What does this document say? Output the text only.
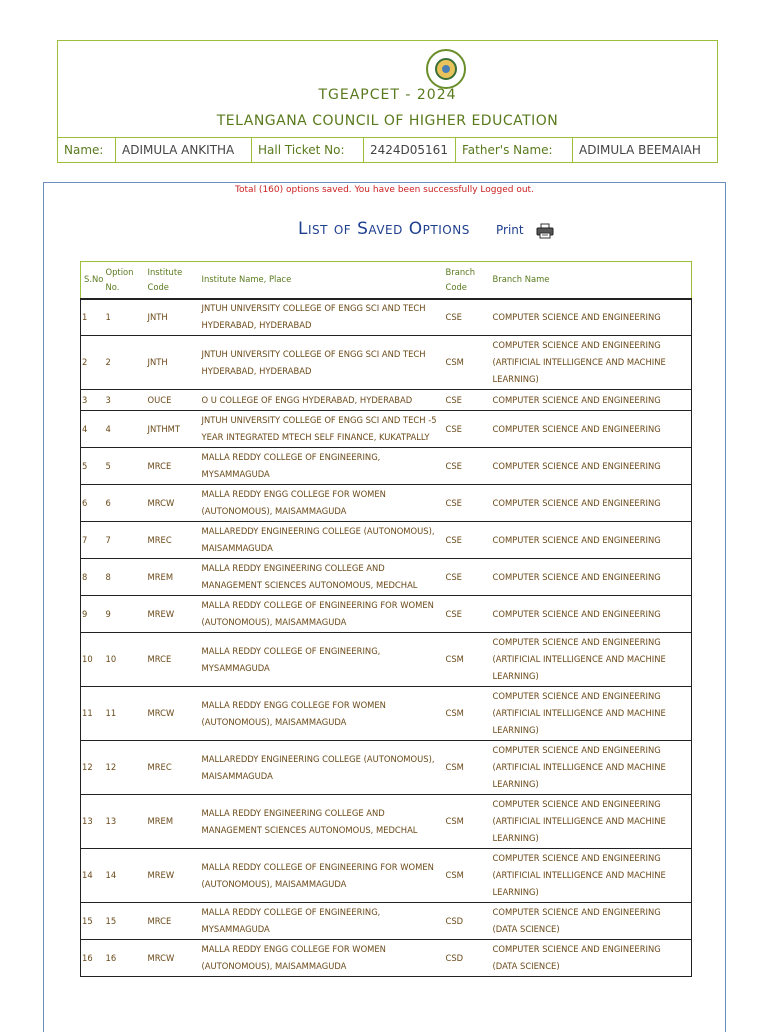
TGEAPCET - 2024
TELANGANA COUNCIL OF HIGHER EDUCATION
Name:	ADIMULA ANKITHA	Hall Ticket No:	2424D05161	Father's Name:	ADIMULA BEEMAIAH
Total (160) options saved. You have been successfully Logged out.
List of Saved Options Print
S.No	Option No.	Institute Code	Institute Name, Place	Branch Code	Branch Name
1	1	JNTH	JNTUH UNIVERSITY COLLEGE OF ENGG SCI AND TECH HYDERABAD, HYDERABAD	CSE	COMPUTER SCIENCE AND ENGINEERING
2	2	JNTH	JNTUH UNIVERSITY COLLEGE OF ENGG SCI AND TECH HYDERABAD, HYDERABAD	CSM	COMPUTER SCIENCE AND ENGINEERING (ARTIFICIAL INTELLIGENCE AND MACHINE LEARNING)
3	3	OUCE	O U COLLEGE OF ENGG HYDERABAD, HYDERABAD	CSE	COMPUTER SCIENCE AND ENGINEERING
4	4	JNTHMT	JNTUH UNIVERSITY COLLEGE OF ENGG SCI AND TECH -5 YEAR INTEGRATED MTECH SELF FINANCE, KUKATPALLY	CSE	COMPUTER SCIENCE AND ENGINEERING
5	5	MRCE	MALLA REDDY COLLEGE OF ENGINEERING, MYSAMMAGUDA	CSE	COMPUTER SCIENCE AND ENGINEERING
6	6	MRCW	MALLA REDDY ENGG COLLEGE FOR WOMEN (AUTONOMOUS), MAISAMMAGUDA	CSE	COMPUTER SCIENCE AND ENGINEERING
7	7	MREC	MALLAREDDY ENGINEERING COLLEGE (AUTONOMOUS), MAISAMMAGUDA	CSE	COMPUTER SCIENCE AND ENGINEERING
8	8	MREM	MALLA REDDY ENGINEERING COLLEGE AND MANAGEMENT SCIENCES AUTONOMOUS, MEDCHAL	CSE	COMPUTER SCIENCE AND ENGINEERING
9	9	MREW	MALLA REDDY COLLEGE OF ENGINEERING FOR WOMEN (AUTONOMOUS), MAISAMMAGUDA	CSE	COMPUTER SCIENCE AND ENGINEERING
10	10	MRCE	MALLA REDDY COLLEGE OF ENGINEERING, MYSAMMAGUDA	CSM	COMPUTER SCIENCE AND ENGINEERING (ARTIFICIAL INTELLIGENCE AND MACHINE LEARNING)
11	11	MRCW	MALLA REDDY ENGG COLLEGE FOR WOMEN (AUTONOMOUS), MAISAMMAGUDA	CSM	COMPUTER SCIENCE AND ENGINEERING (ARTIFICIAL INTELLIGENCE AND MACHINE LEARNING)
12	12	MREC	MALLAREDDY ENGINEERING COLLEGE (AUTONOMOUS), MAISAMMAGUDA	CSM	COMPUTER SCIENCE AND ENGINEERING (ARTIFICIAL INTELLIGENCE AND MACHINE LEARNING)
13	13	MREM	MALLA REDDY ENGINEERING COLLEGE AND MANAGEMENT SCIENCES AUTONOMOUS, MEDCHAL	CSM	COMPUTER SCIENCE AND ENGINEERING (ARTIFICIAL INTELLIGENCE AND MACHINE LEARNING)
14	14	MREW	MALLA REDDY COLLEGE OF ENGINEERING FOR WOMEN (AUTONOMOUS), MAISAMMAGUDA	CSM	COMPUTER SCIENCE AND ENGINEERING (ARTIFICIAL INTELLIGENCE AND MACHINE LEARNING)
15	15	MRCE	MALLA REDDY COLLEGE OF ENGINEERING, MYSAMMAGUDA	CSD	COMPUTER SCIENCE AND ENGINEERING (DATA SCIENCE)
16	16	MRCW	MALLA REDDY ENGG COLLEGE FOR WOMEN (AUTONOMOUS), MAISAMMAGUDA	CSD	COMPUTER SCIENCE AND ENGINEERING (DATA SCIENCE)
